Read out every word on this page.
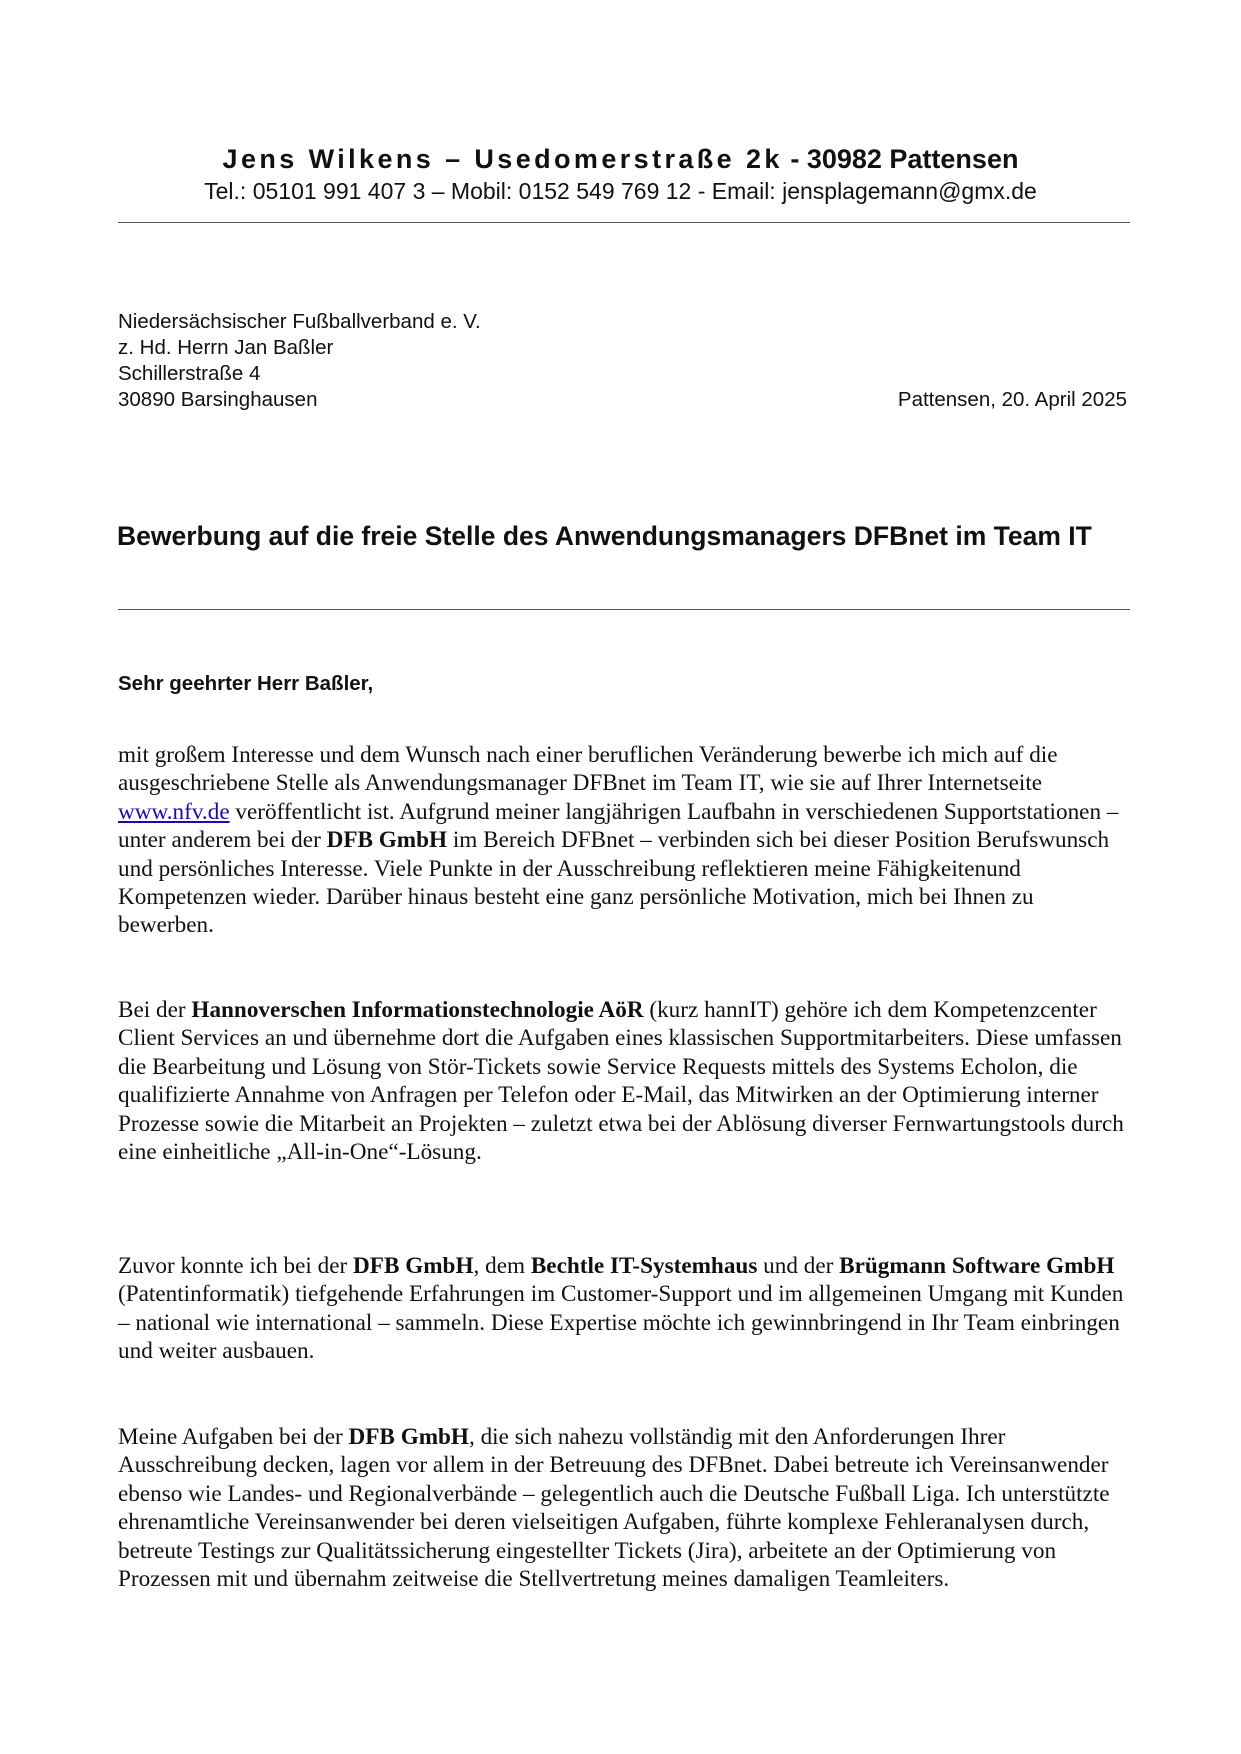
Jens Wilkens – Usedomerstraße 2k - 30982 Pattensen
Tel.: 05101 991 407 3 – Mobil: 0152 549 769 12 - Email: jensplagemann@gmx.de
Niedersächsischer Fußballverband e. V.
z. Hd. Herrn Jan Baßler
Schillerstraße 4
30890 Barsinghausen	Pattensen, 20. April 2025
Bewerbung auf die freie Stelle des Anwendungsmanagers DFBnet im Team IT
Sehr geehrter Herr Baßler,

mit großem Interesse und dem Wunsch nach einer beruflichen Veränderung bewerbe ich mich auf die ausgeschriebene Stelle als Anwendungsmanager DFBnet im Team IT, wie sie auf Ihrer Internetseite www.nfv.de veröffentlicht ist. Aufgrund meiner langjährigen Laufbahn in verschiedenen Supportstationen – unter anderem bei der DFB GmbH im Bereich DFBnet – verbinden sich bei dieser Position Berufswunsch und persönliches Interesse. Viele Punkte in der Ausschreibung reflektieren meine Fähigkeitenund Kompetenzen wieder. Darüber hinaus besteht eine ganz persönliche Motivation, mich bei Ihnen zu bewerben.

Bei der Hannoverschen Informationstechnologie AöR (kurz hannIT) gehöre ich dem Kompetenzcenter Client Services an und übernehme dort die Aufgaben eines klassischen Supportmitarbeiters. Diese umfassen die Bearbeitung und Lösung von Stör-Tickets sowie Service Requests mittels des Systems Echolon, die qualifizierte Annahme von Anfragen per Telefon oder E-Mail, das Mitwirken an der Optimierung interner Prozesse sowie die Mitarbeit an Projekten – zuletzt etwa bei der Ablösung diverser Fernwartungstools durch eine einheitliche „All-in-One“-Lösung.

Zuvor konnte ich bei der DFB GmbH, dem Bechtle IT-Systemhaus und der Brügmann Software GmbH (Patentinformatik) tiefgehende Erfahrungen im Customer-Support und im allgemeinen Umgang mit Kunden – national wie international – sammeln. Diese Expertise möchte ich gewinnbringend in Ihr Team einbringen und weiter ausbauen.

Meine Aufgaben bei der DFB GmbH, die sich nahezu vollständig mit den Anforderungen Ihrer Ausschreibung decken, lagen vor allem in der Betreuung des DFBnet. Dabei betreute ich Vereinsanwender ebenso wie Landes- und Regionalverbände – gelegentlich auch die Deutsche Fußball Liga. Ich unterstützte ehrenamtliche Vereinsanwender bei deren vielseitigen Aufgaben, führte komplexe Fehleranalysen durch, betreute Testings zur Qualitätssicherung eingestellter Tickets (Jira), arbeitete an der Optimierung von Prozessen mit und übernahm zeitweise die Stellvertretung meines damaligen Teamleiters.
